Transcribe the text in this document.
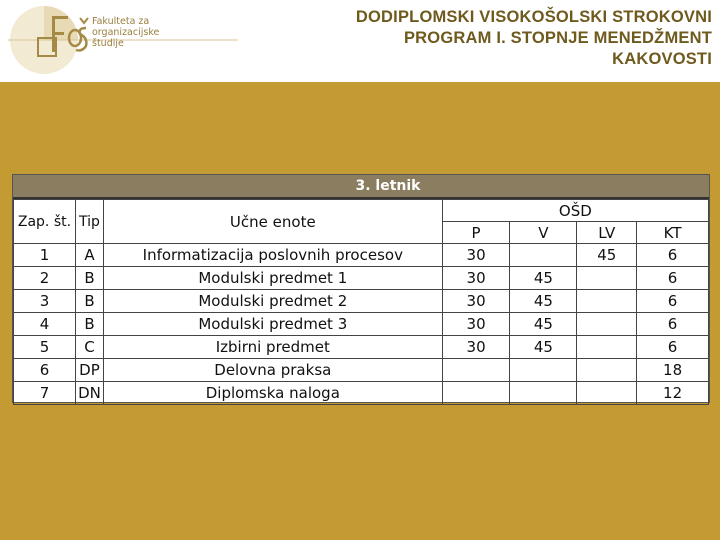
Fakulteta za
organizacijske
študije
DODIPLOMSKI VISOKOŠOLSKI STROKOVNI
PROGRAM I. STOPNJE MENEDŽMENT
KAKOVOSTI
3. letnik
Zap. št.	Tip	Učne enote	OŠD			
			P	V	LV	KT
1	A	Informatizacija poslovnih procesov	30		45	6
2	B	Modulski predmet 1	30	45		6
3	B	Modulski predmet 2	30	45		6
4	B	Modulski predmet 3	30	45		6
5	C	Izbirni predmet	30	45		6
6	DP	Delovna praksa				18
7	DN	Diplomska naloga				12
